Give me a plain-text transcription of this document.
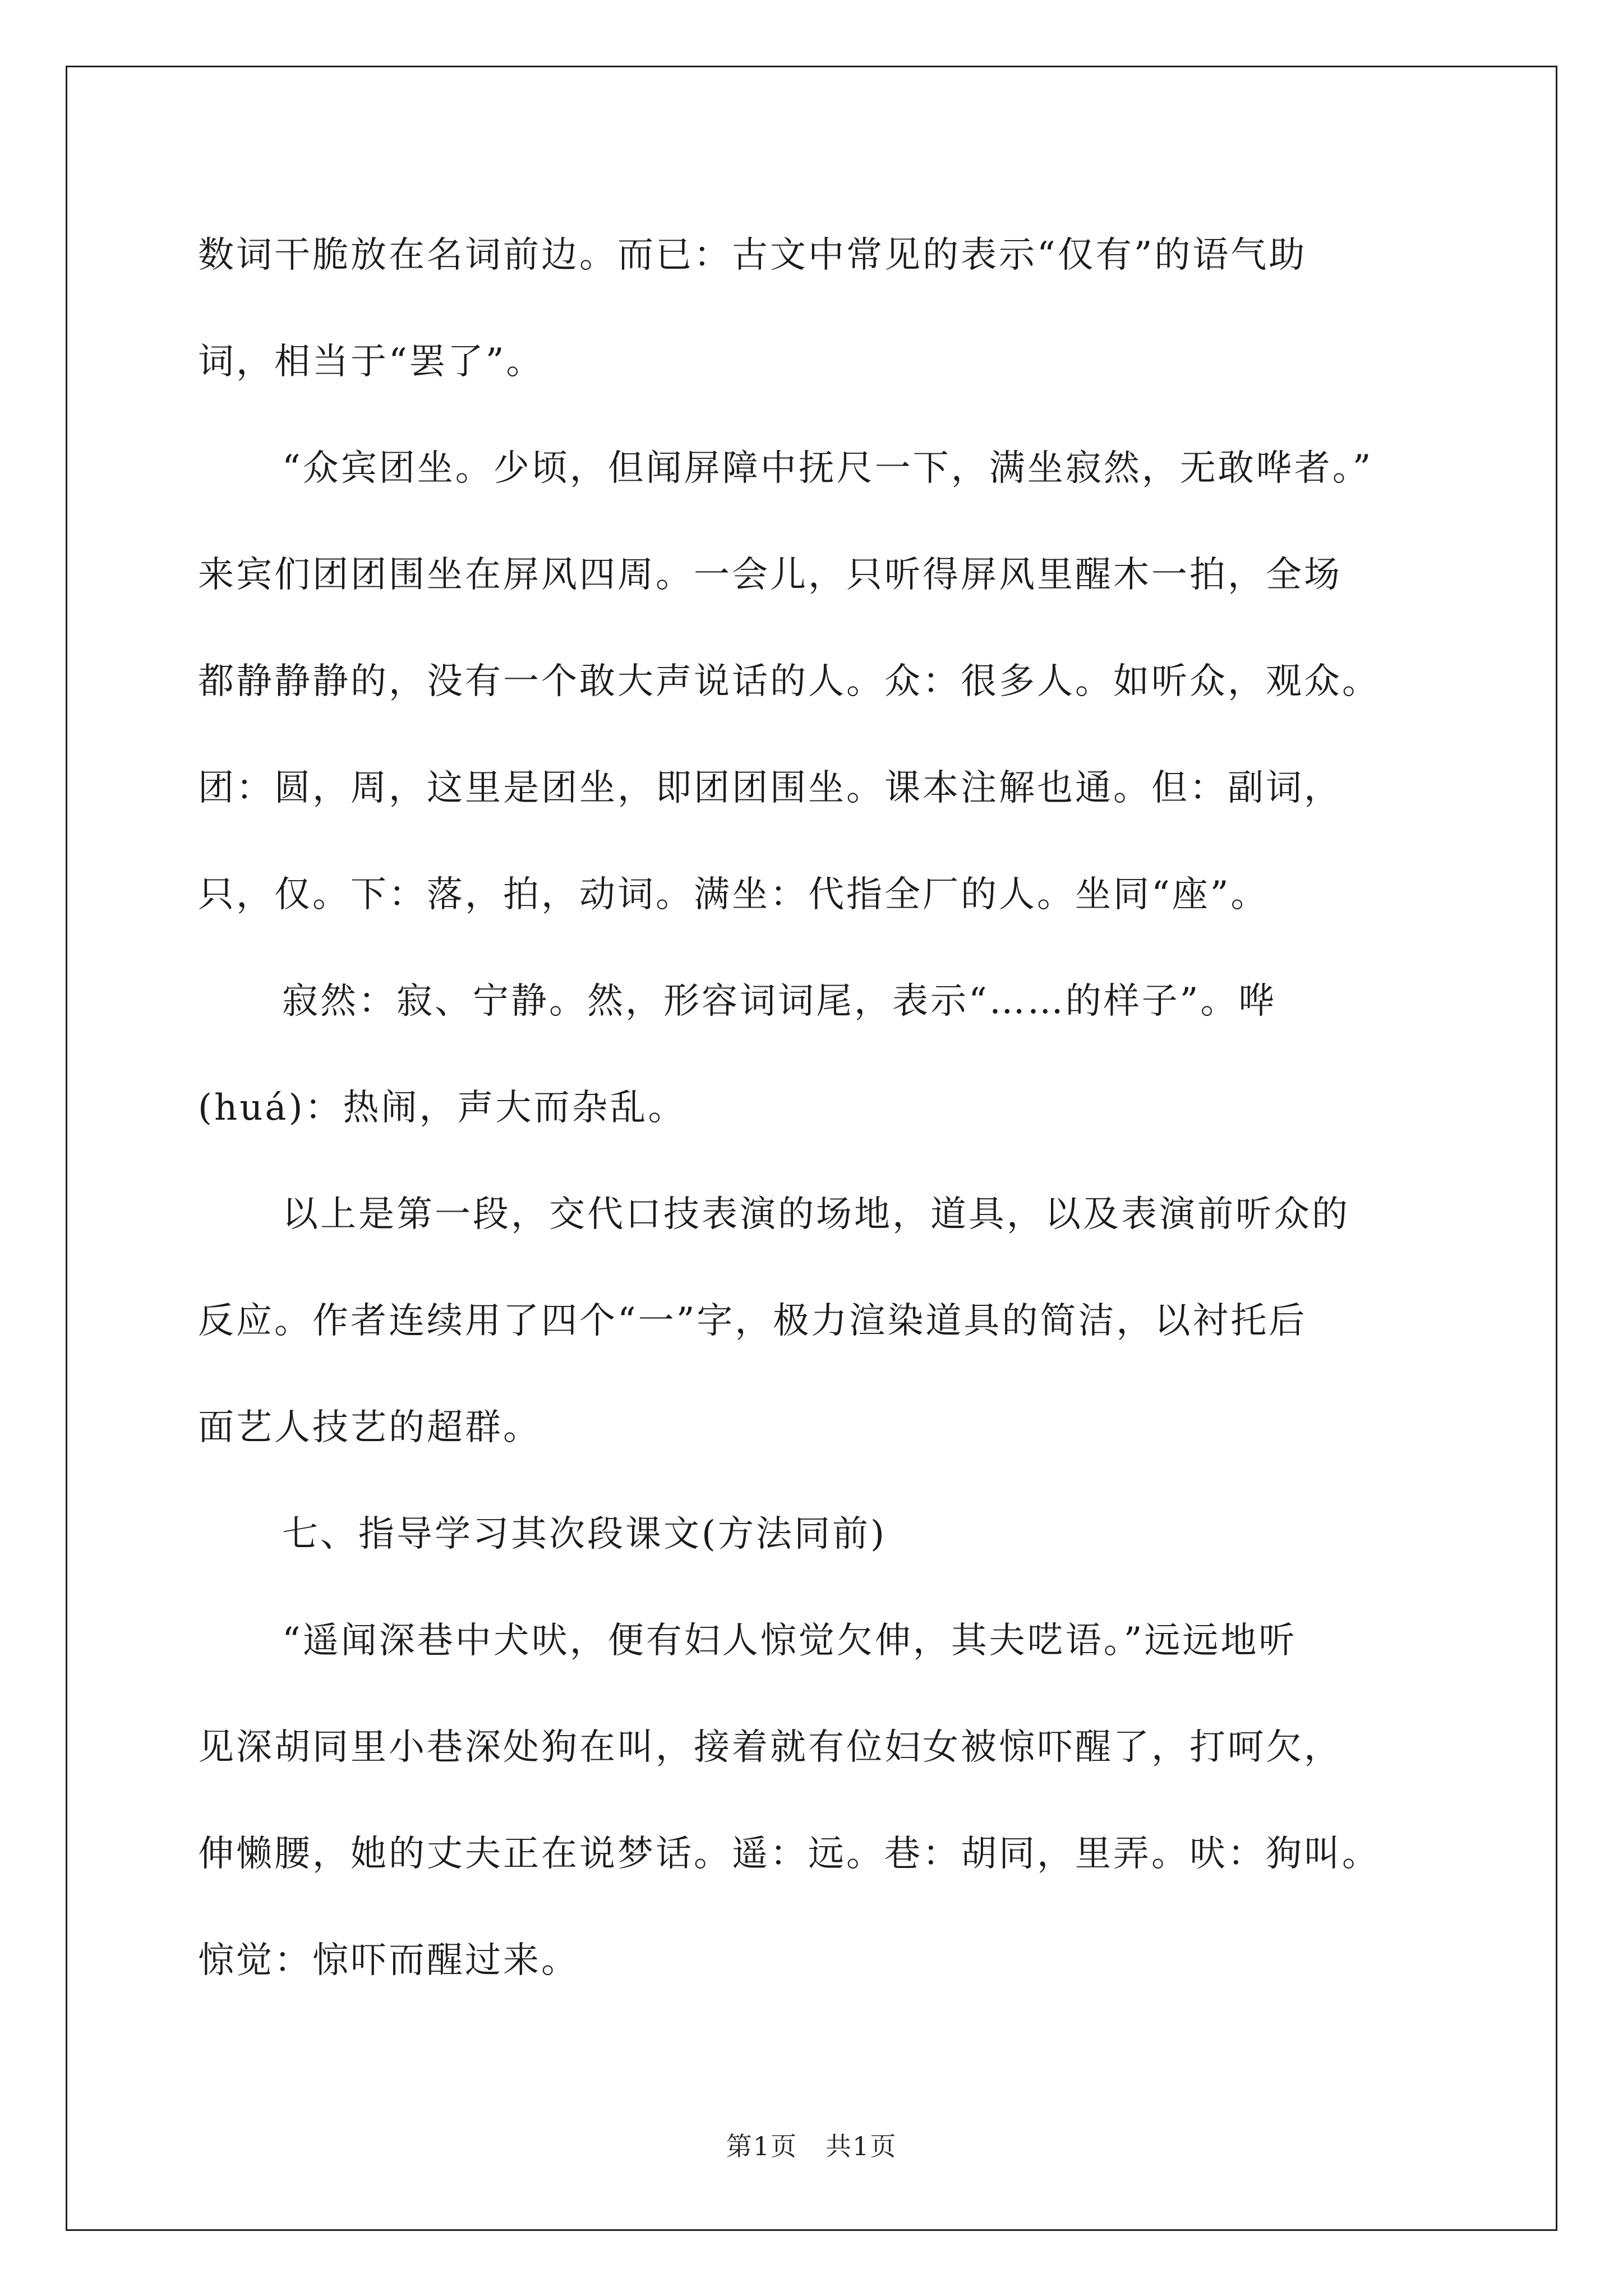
数词干脆放在名词前边。而已：古文中常见的表示“仅有”的语气助
词，相当于“罢了”。
“众宾团坐。少顷，但闻屏障中抚尺一下，满坐寂然，无敢哗者。”
来宾们团团围坐在屏风四周。一会儿，只听得屏风里醒木一拍，全场
都静静静的，没有一个敢大声说话的人。众：很多人。如听众，观众。
团：圆，周，这里是团坐，即团团围坐。课本注解也通。但：副词，
只，仅。下：落，拍，动词。满坐：代指全厂的人。坐同“座”。
寂然：寂、宁静。然，形容词词尾，表示“……的样子”。哗
(huá)：热闹，声大而杂乱。
以上是第一段，交代口技表演的场地，道具，以及表演前听众的
反应。作者连续用了四个“一”字，极力渲染道具的简洁，以衬托后
面艺人技艺的超群。
七、指导学习其次段课文(方法同前)
“遥闻深巷中犬吠，便有妇人惊觉欠伸，其夫呓语。”远远地听
见深胡同里小巷深处狗在叫，接着就有位妇女被惊吓醒了，打呵欠，
伸懒腰，她的丈夫正在说梦话。遥：远。巷：胡同，里弄。吠：狗叫。
惊觉：惊吓而醒过来。
第1页 共1页
